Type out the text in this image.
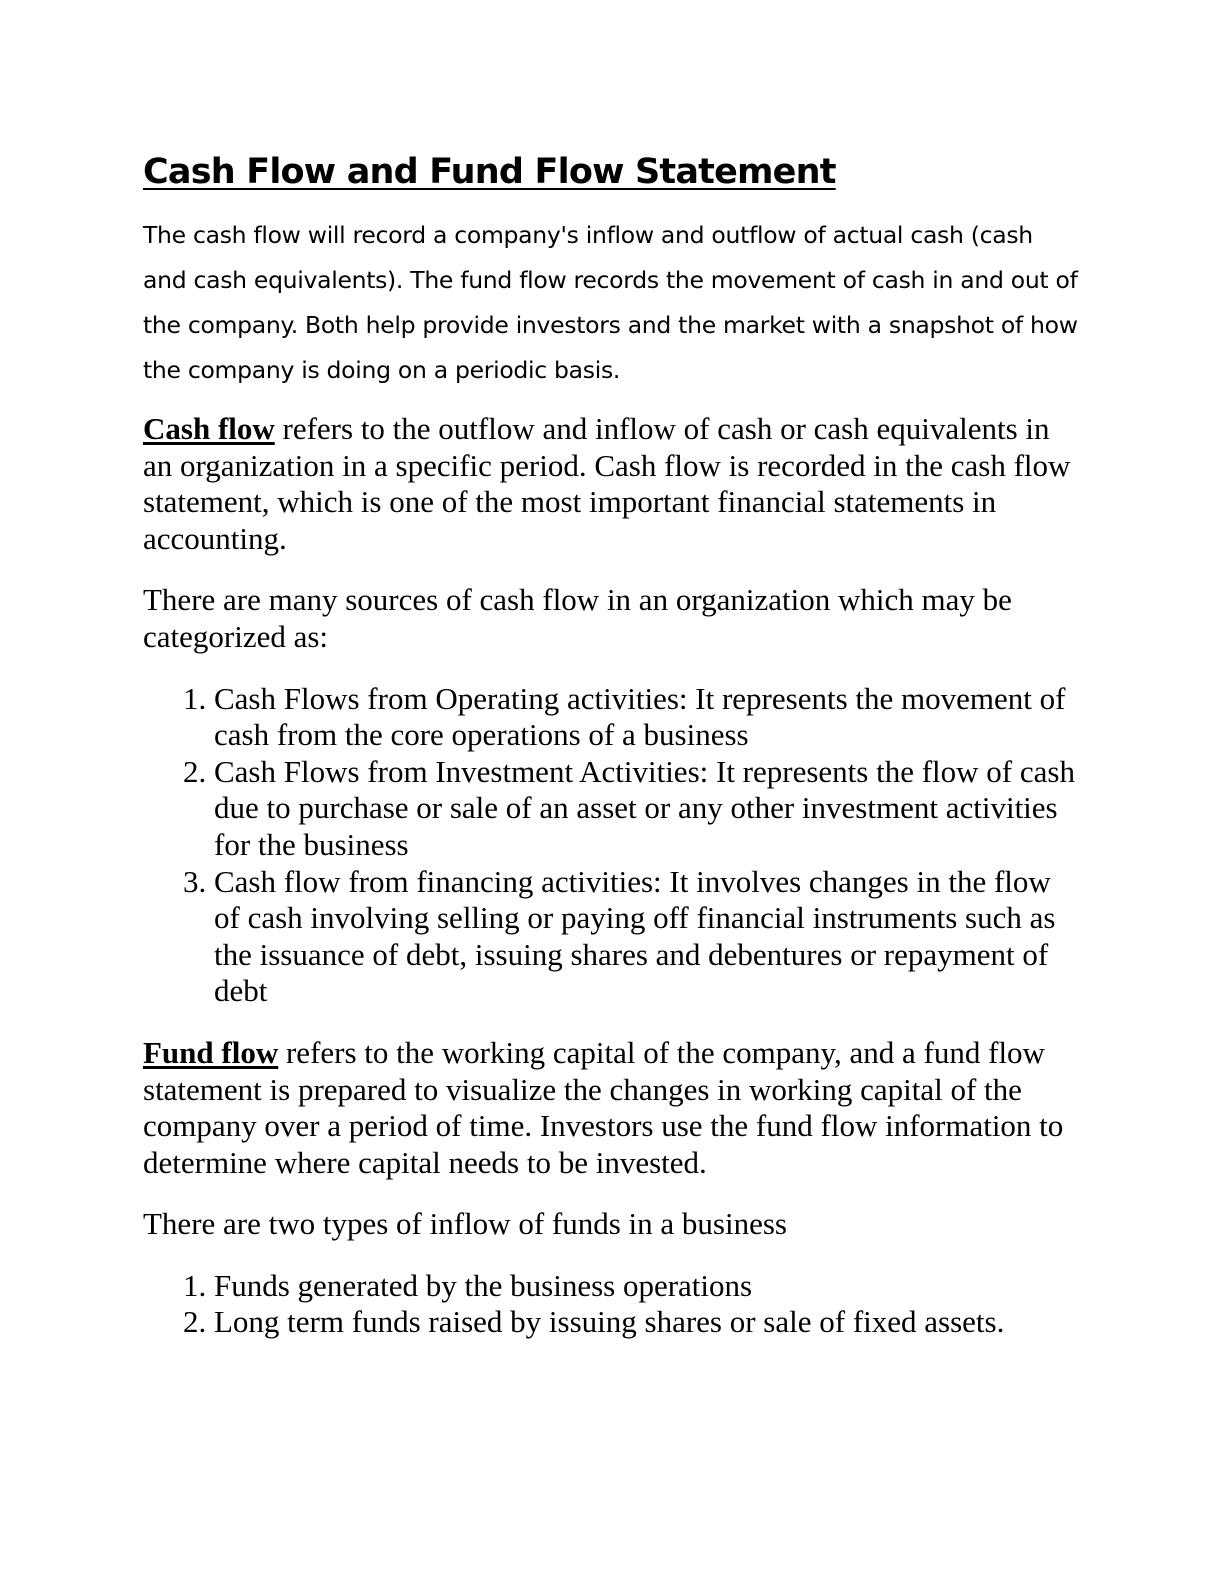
Cash Flow and Fund Flow Statement

The cash flow will record a company's inflow and outflow of actual cash (cash and cash equivalents). The fund flow records the movement of cash in and out of the company. Both help provide investors and the market with a snapshot of how the company is doing on a periodic basis.

Cash flow refers to the outflow and inflow of cash or cash equivalents in an organization in a specific period. Cash flow is recorded in the cash flow statement, which is one of the most important financial statements in accounting.

There are many sources of cash flow in an organization which may be categorized as:

1. Cash Flows from Operating activities: It represents the movement of cash from the core operations of a business
2. Cash Flows from Investment Activities: It represents the flow of cash due to purchase or sale of an asset or any other investment activities for the business
3. Cash flow from financing activities: It involves changes in the flow of cash involving selling or paying off financial instruments such as the issuance of debt, issuing shares and debentures or repayment of debt

Fund flow refers to the working capital of the company, and a fund flow statement is prepared to visualize the changes in working capital of the company over a period of time. Investors use the fund flow information to determine where capital needs to be invested.

There are two types of inflow of funds in a business

1. Funds generated by the business operations
2. Long term funds raised by issuing shares or sale of fixed assets.
